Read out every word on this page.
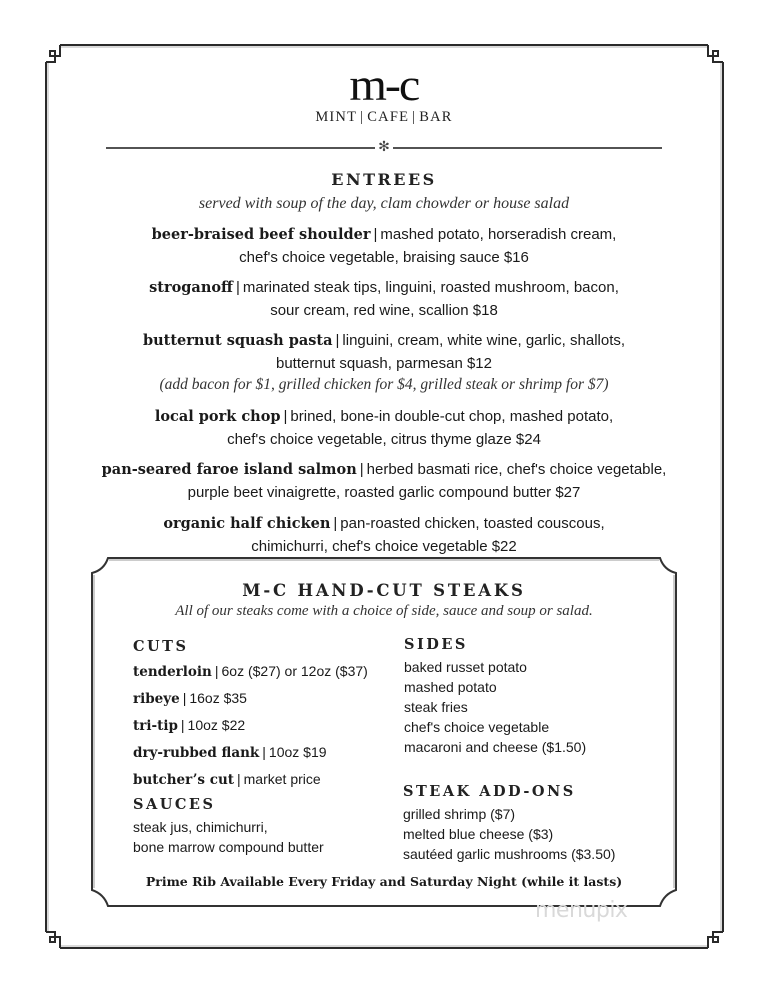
m-c
MINT | CAFE | BAR
✻
ENTREES
served with soup of the day, clam chowder or house salad
beer-braised beef shoulder | mashed potato, horseradish cream,
chef's choice vegetable, braising sauce $16
stroganoff | marinated steak tips, linguini, roasted mushroom, bacon,
sour cream, red wine, scallion $18
butternut squash pasta | linguini, cream, white wine, garlic, shallots,
butternut squash, parmesan $12
(add bacon for $1, grilled chicken for $4, grilled steak or shrimp for $7)
local pork chop | brined, bone-in double-cut chop, mashed potato,
chef's choice vegetable, citrus thyme glaze $24
pan-seared faroe island salmon | herbed basmati rice, chef's choice vegetable,
purple beet vinaigrette, roasted garlic compound butter $27
organic half chicken | pan-roasted chicken, toasted couscous,
chimichurri, chef's choice vegetable $22
M-C HAND-CUT STEAKS
All of our steaks come with a choice of side, sauce and soup or salad.
CUTS
tenderloin | 6oz ($27) or 12oz ($37)
ribeye | 16oz $35
tri-tip | 10oz $22
dry-rubbed flank | 10oz $19
butcher’s cut | market price
SAUCES
steak jus, chimichurri,
bone marrow compound butter
SIDES
baked russet potato
mashed potato
steak fries
chef's choice vegetable
macaroni and cheese ($1.50)
STEAK ADD-ONS
grilled shrimp ($7)
melted blue cheese ($3)
sautéed garlic mushrooms ($3.50)
Prime Rib Available Every Friday and Saturday Night (while it lasts)
menupix
